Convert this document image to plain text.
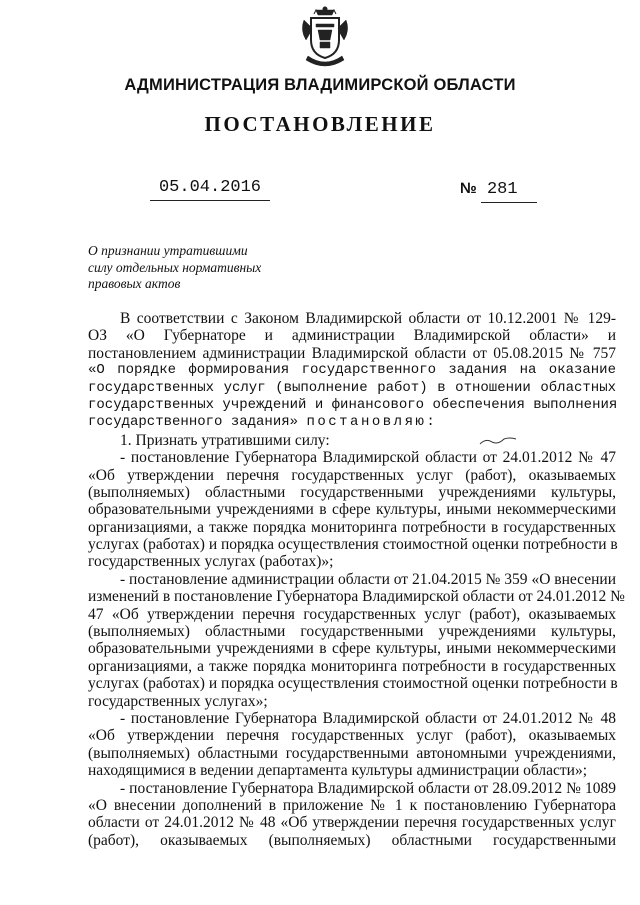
АДМИНИСТРАЦИЯ ВЛАДИМИРСКОЙ ОБЛАСТИ
ПОСТАНОВЛЕНИЕ
05.04.2016	№ 281
О признании утратившими
силу отдельных нормативных
правовых актов
В соответствии с Законом Владимирской области от 10.12.2001 № 129-
ОЗ «О Губернаторе и администрации Владимирской области» и
постановлением администрации Владимирской области от 05.08.2015 № 757
«О порядке формирования государственного задания на оказание
государственных услуг (выполнение работ) в отношении областных
государственных учреждений и финансового обеспечения выполнения
государственного задания» постановляю:
1. Признать утратившими силу:
- постановление Губернатора Владимирской области от 24.01.2012 № 47
«Об утверждении перечня государственных услуг (работ), оказываемых
(выполняемых) областными государственными учреждениями культуры,
образовательными учреждениями в сфере культуры, иными некоммерческими
организациями, а также порядка мониторинга потребности в государственных
услугах (работах) и порядка осуществления стоимостной оценки потребности в
государственных услугах (работах)»;
- постановление администрации области от 21.04.2015 № 359 «О внесении
изменений в постановление Губернатора Владимирской области от 24.01.2012 №
47 «Об утверждении перечня государственных услуг (работ), оказываемых
(выполняемых) областными государственными учреждениями культуры,
образовательными учреждениями в сфере культуры, иными некоммерческими
организациями, а также порядка мониторинга потребности в государственных
услугах (работах) и порядка осуществления стоимостной оценки потребности в
государственных услугах»;
- постановление Губернатора Владимирской области от 24.01.2012 № 48
«Об утверждении перечня государственных услуг (работ), оказываемых
(выполняемых) областными государственными автономными учреждениями,
находящимися в ведении департамента культуры администрации области»;
- постановление Губернатора Владимирской области от 28.09.2012 № 1089
«О внесении дополнений в приложение № 1 к постановлению Губернатора
области от 24.01.2012 № 48 «Об утверждении перечня государственных услуг
(работ), оказываемых (выполняемых) областными государственными
